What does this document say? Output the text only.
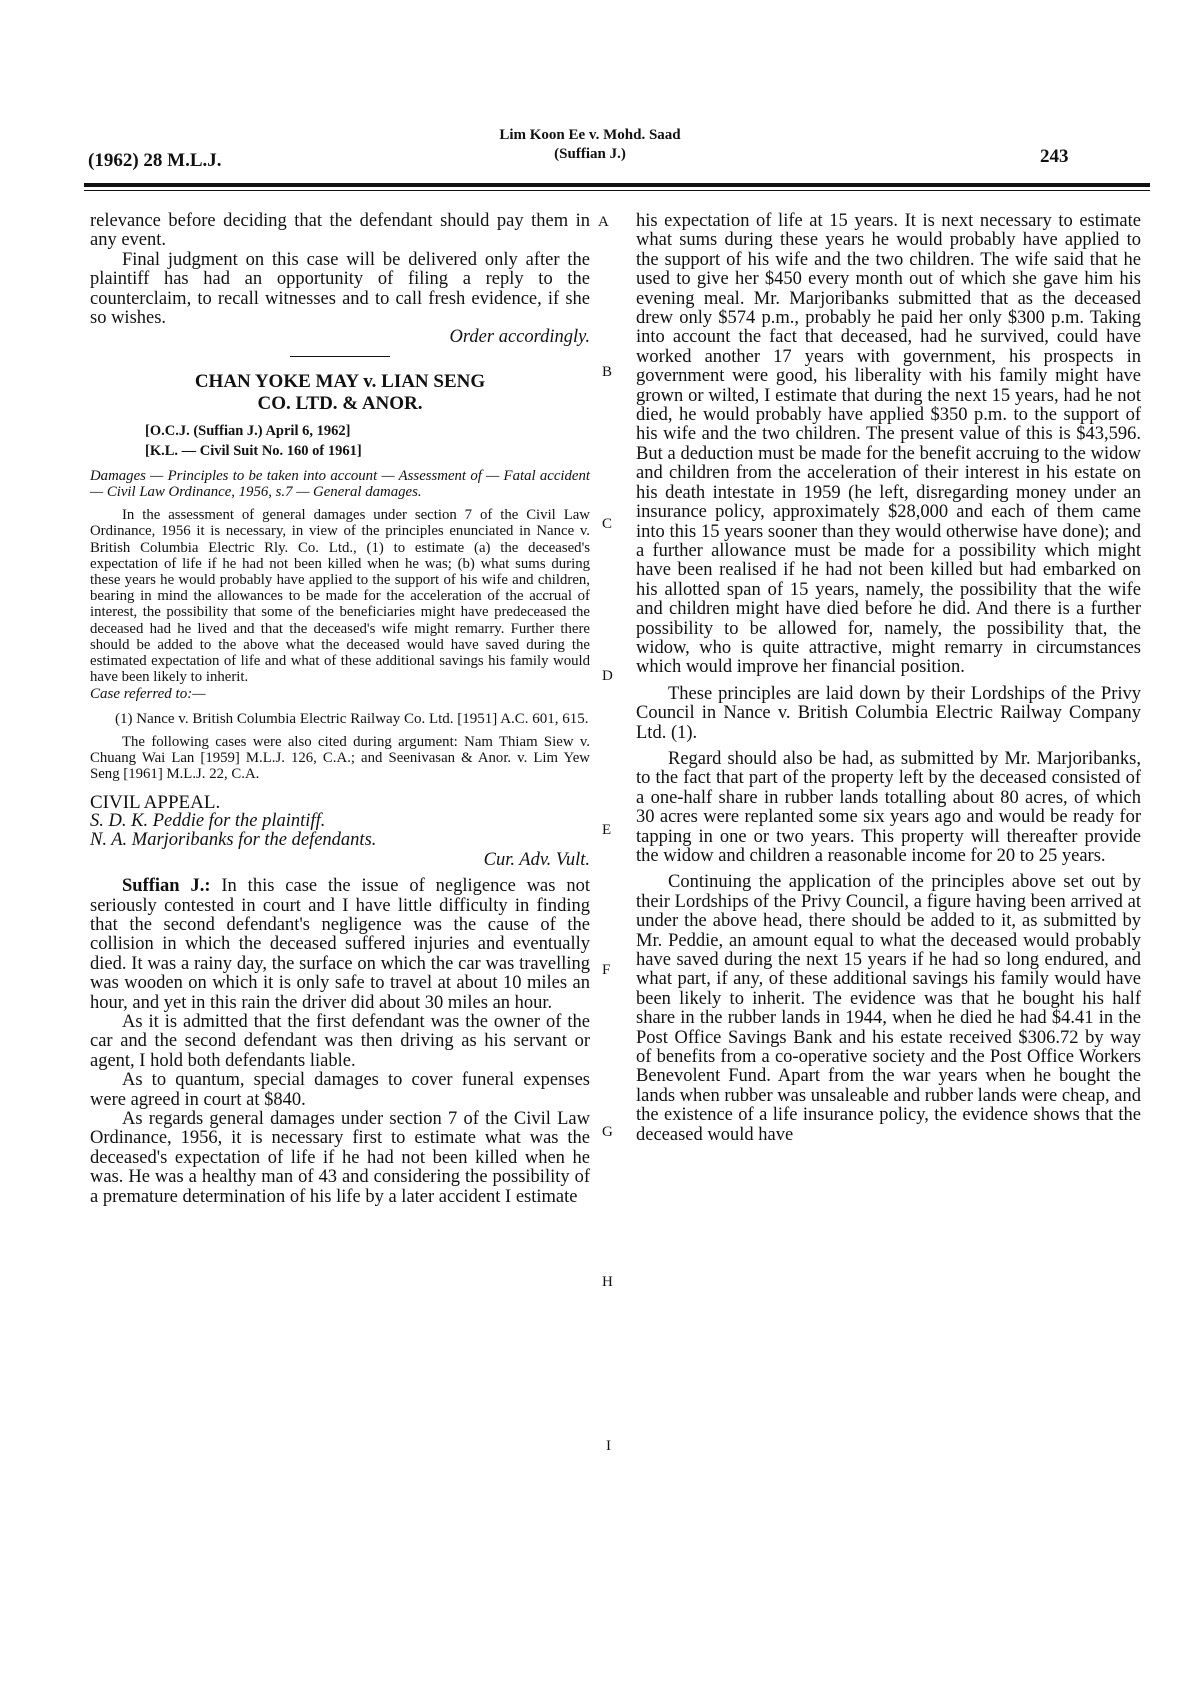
(1962) 28 M.L.J.
Lim Koon Ee v. Mohd. Saad
(Suffian J.)	243

relevance before deciding that the defendant should pay them in any event.

Final judgment on this case will be delivered only after the plaintiff has had an opportunity of filing a reply to the counterclaim, to recall witnesses and to call fresh evidence, if she so wishes.

Order accordingly.

CHAN YOKE MAY v. LIAN SENG
CO. LTD. & ANOR.
[O.C.J. (Suffian J.) April 6, 1962]
[K.L. — Civil Suit No. 160 of 1961]

Damages — Principles to be taken into account — Assessment of — Fatal accident — Civil Law Ordinance, 1956, s.7 — General damages.

In the assessment of general damages under section 7 of the Civil Law Ordinance, 1956 it is necessary, in view of the principles enunciated in Nance v. British Columbia Electric Rly. Co. Ltd., (1) to estimate (a) the deceased's expectation of life if he had not been killed when he was; (b) what sums during these years he would probably have applied to the support of his wife and children, bearing in mind the allowances to be made for the acceleration of the accrual of interest, the possibility that some of the beneficiaries might have predeceased the deceased had he lived and that the deceased's wife might remarry. Further there should be added to the above what the deceased would have saved during the estimated expectation of life and what of these additional savings his family would have been likely to inherit.

Case referred to:—

(1) Nance v. British Columbia Electric Railway Co. Ltd. [1951] A.C. 601, 615.

The following cases were also cited during argument: Nam Thiam Siew v. Chuang Wai Lan [1959] M.L.J. 126, C.A.; and Seenivasan & Anor. v. Lim Yew Seng [1961] M.L.J. 22, C.A.

CIVIL APPEAL.

S. D. K. Peddie for the plaintiff.

N. A. Marjoribanks for the defendants.

Cur. Adv. Vult.

Suffian J.: In this case the issue of negligence was not seriously contested in court and I have little difficulty in finding that the second defendant's negligence was the cause of the collision in which the deceased suffered injuries and eventually died. It was a rainy day, the surface on which the car was travelling was wooden on which it is only safe to travel at about 10 miles an hour, and yet in this rain the driver did about 30 miles an hour.

As it is admitted that the first defendant was the owner of the car and the second defendant was then driving as his servant or agent, I hold both defendants liable.

As to quantum, special damages to cover funeral expenses were agreed in court at $840.

As regards general damages under section 7 of the Civil Law Ordinance, 1956, it is necessary first to estimate what was the deceased's expectation of life if he had not been killed when he was. He was a healthy man of 43 and considering the possibility of a premature determination of his life by a later accident I estimate

his expectation of life at 15 years. It is next necessary to estimate what sums during these years he would probably have applied to the support of his wife and the two children. The wife said that he used to give her $450 every month out of which she gave him his evening meal. Mr. Marjoribanks submitted that as the deceased drew only $574 p.m., probably he paid her only $300 p.m. Taking into account the fact that deceased, had he survived, could have worked another 17 years with government, his prospects in government were good, his liberality with his family might have grown or wilted, I estimate that during the next 15 years, had he not died, he would probably have applied $350 p.m. to the support of his wife and the two children. The present value of this is $43,596. But a deduction must be made for the benefit accruing to the widow and children from the acceleration of their interest in his estate on his death intestate in 1959 (he left, disregarding money under an insurance policy, approximately $28,000 and each of them came into this 15 years sooner than they would otherwise have done); and a further allowance must be made for a possibility which might have been realised if he had not been killed but had embarked on his allotted span of 15 years, namely, the possibility that the wife and children might have died before he did. And there is a further possibility to be allowed for, namely, the possibility that, the widow, who is quite attractive, might remarry in circumstances which would improve her financial position.

These principles are laid down by their Lordships of the Privy Council in Nance v. British Columbia Electric Railway Company Ltd. (1).

Regard should also be had, as submitted by Mr. Marjoribanks, to the fact that part of the property left by the deceased consisted of a one-half share in rubber lands totalling about 80 acres, of which 30 acres were replanted some six years ago and would be ready for tapping in one or two years. This property will thereafter provide the widow and children a reasonable income for 20 to 25 years.

Continuing the application of the principles above set out by their Lordships of the Privy Council, a figure having been arrived at under the above head, there should be added to it, as submitted by Mr. Peddie, an amount equal to what the deceased would probably have saved during the next 15 years if he had so long endured, and what part, if any, of these additional savings his family would have been likely to inherit. The evidence was that he bought his half share in the rubber lands in 1944, when he died he had $4.41 in the Post Office Savings Bank and his estate received $306.72 by way of benefits from a co-operative society and the Post Office Workers Benevolent Fund. Apart from the war years when he bought the lands when rubber was unsaleable and rubber lands were cheap, and the existence of a life insurance policy, the evidence shows that the deceased would have

A
B
C
D
E
F
G
H
I
